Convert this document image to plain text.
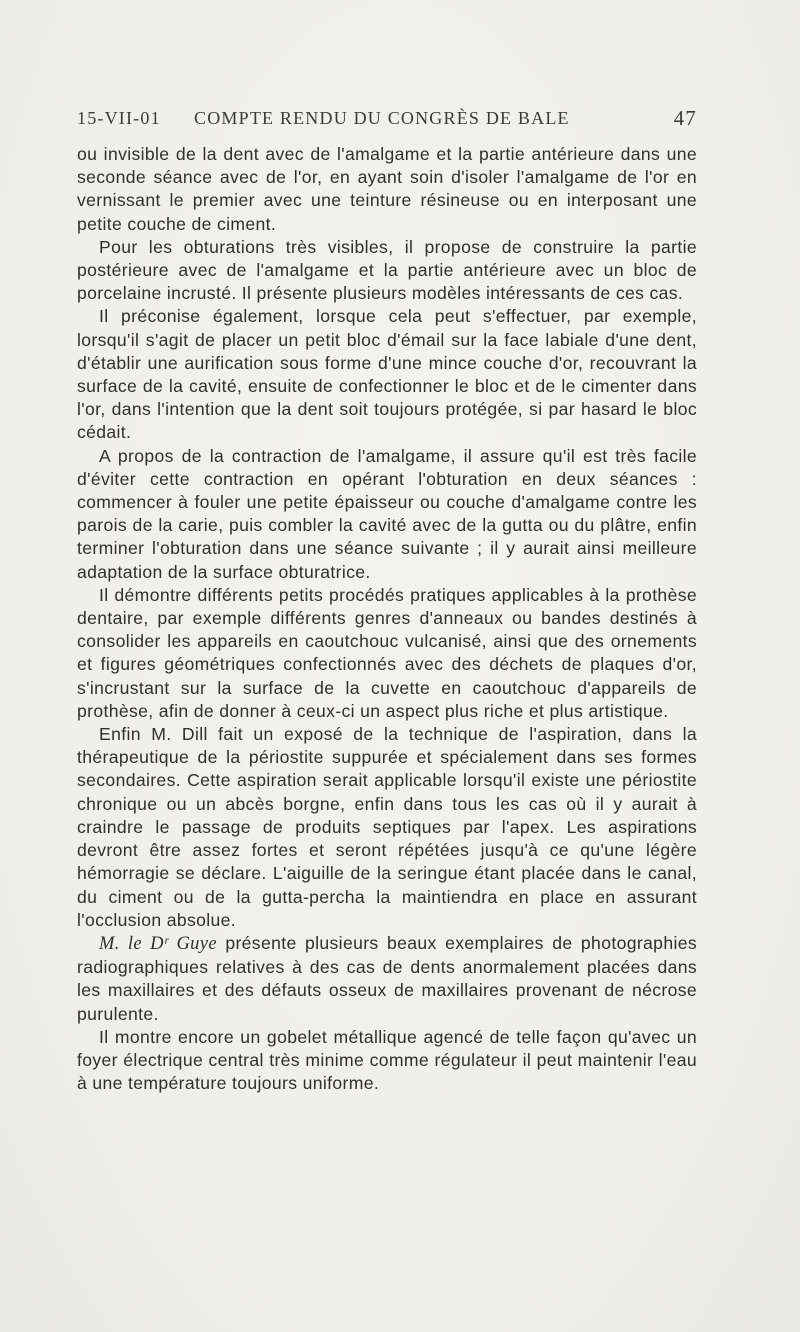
15-VII-01 COMPTE RENDU DU CONGRÈS DE BALE	47

ou invisible de la dent avec de l'amalgame et la partie antérieure dans une seconde séance avec de l'or, en ayant soin d'isoler l'amalgame de l'or en vernissant le premier avec une teinture résineuse ou en interposant une petite couche de ciment.

Pour les obturations très visibles, il propose de construire la partie postérieure avec de l'amalgame et la partie antérieure avec un bloc de porcelaine incrusté. Il présente plusieurs modèles intéressants de ces cas.

Il préconise également, lorsque cela peut s'effectuer, par exemple, lorsqu'il s'agit de placer un petit bloc d'émail sur la face labiale d'une dent, d'établir une aurification sous forme d'une mince couche d'or, recouvrant la surface de la cavité, ensuite de confectionner le bloc et de le cimenter dans l'or, dans l'intention que la dent soit toujours protégée, si par hasard le bloc cédait.

A propos de la contraction de l'amalgame, il assure qu'il est très facile d'éviter cette contraction en opérant l'obturation en deux séances : commencer à fouler une petite épaisseur ou couche d'amalgame contre les parois de la carie, puis combler la cavité avec de la gutta ou du plâtre, enfin terminer l'obturation dans une séance suivante ; il y aurait ainsi meilleure adaptation de la surface obturatrice.

Il démontre différents petits procédés pratiques applicables à la prothèse dentaire, par exemple différents genres d'anneaux ou bandes destinés à consolider les appareils en caoutchouc vulcanisé, ainsi que des ornements et figures géométriques confectionnés avec des déchets de plaques d'or, s'incrustant sur la surface de la cuvette en caoutchouc d'appareils de prothèse, afin de donner à ceux-ci un aspect plus riche et plus artistique.

Enfin M. Dill fait un exposé de la technique de l'aspiration, dans la thérapeutique de la périostite suppurée et spécialement dans ses formes secondaires. Cette aspiration serait applicable lorsqu'il existe une périostite chronique ou un abcès borgne, enfin dans tous les cas où il y aurait à craindre le passage de produits septiques par l'apex. Les aspirations devront être assez fortes et seront répétées jusqu'à ce qu'une légère hémorragie se déclare. L'aiguille de la seringue étant placée dans le canal, du ciment ou de la gutta-percha la maintiendra en place en assurant l'occlusion absolue.

M. le Dʳ Guye présente plusieurs beaux exemplaires de photographies radiographiques relatives à des cas de dents anormalement placées dans les maxillaires et des défauts osseux de maxillaires provenant de nécrose purulente.

Il montre encore un gobelet métallique agencé de telle façon qu'avec un foyer électrique central très minime comme régulateur il peut maintenir l'eau à une température toujours uniforme.
